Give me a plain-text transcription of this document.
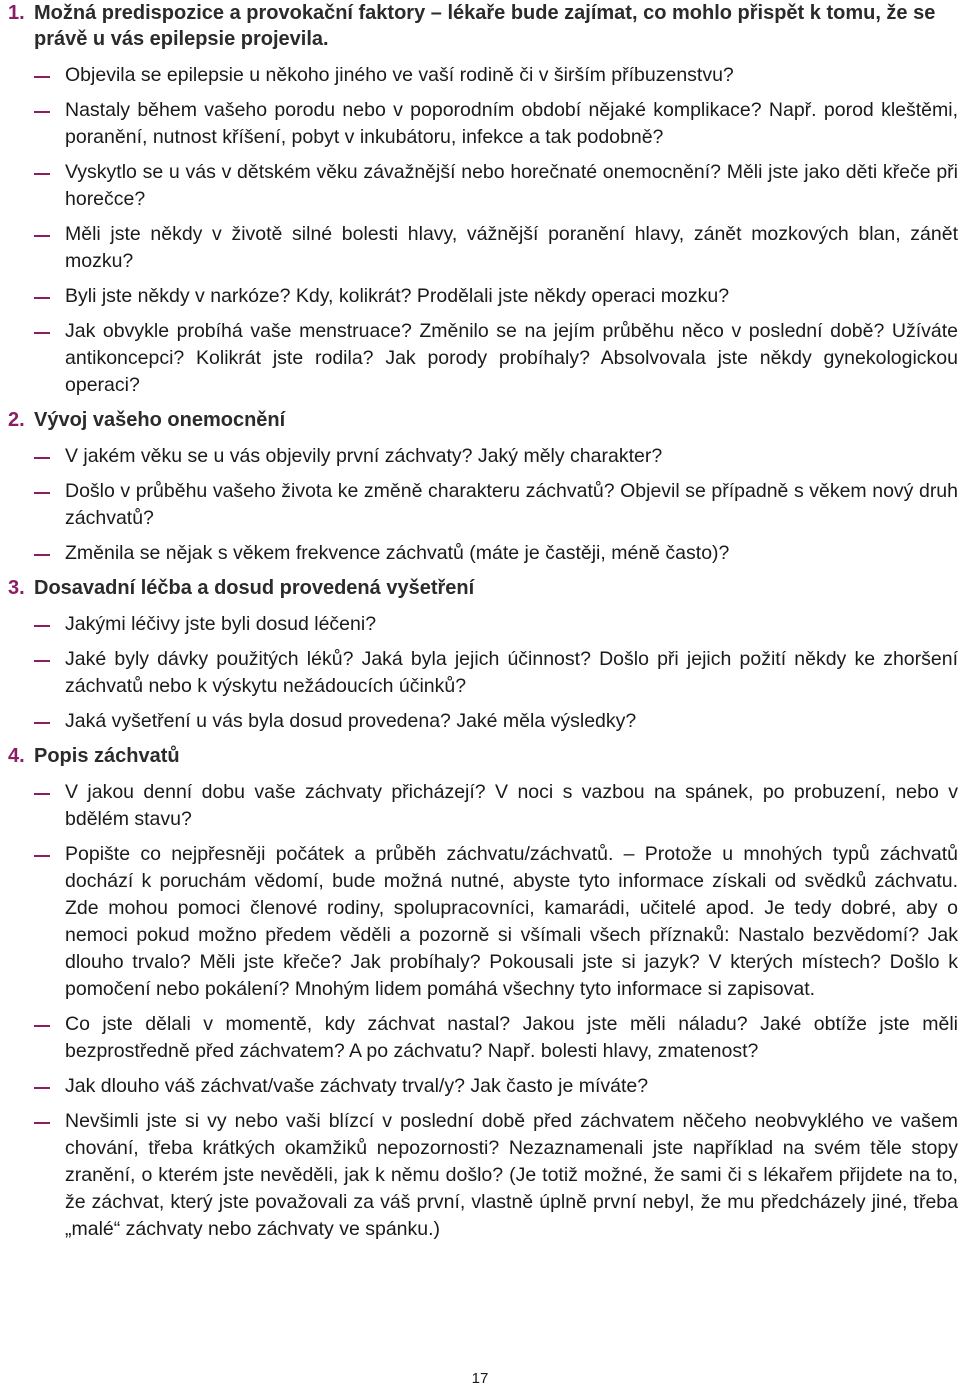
1. Možná predispozice a provokační faktory – lékaře bude zajímat, co mohlo přispět k tomu, že se právě u vás epilepsie projevila.
Objevila se epilepsie u někoho jiného ve vaší rodině či v širším příbuzenstvu?
Nastaly během vašeho porodu nebo v poporodním období nějaké komplikace? Např. porod kleštěmi, poranění, nutnost kříšení, pobyt v inkubátoru, infekce a tak podobně?
Vyskytlo se u vás v dětském věku závažnější nebo horečnaté onemocnění? Měli jste jako děti křeče při horečce?
Měli jste někdy v životě silné bolesti hlavy, vážnější poranění hlavy, zánět mozkových blan, zánět mozku?
Byli jste někdy v narkóze? Kdy, kolikrát? Prodělali jste někdy operaci mozku?
Jak obvykle probíhá vaše menstruace? Změnilo se na jejím průběhu něco v poslední době? Užíváte antikoncepci? Kolikrát jste rodila? Jak porody probíhaly? Absolvovala jste někdy gynekologickou operaci?
2. Vývoj vašeho onemocnění
V jakém věku se u vás objevily první záchvaty? Jaký měly charakter?
Došlo v průběhu vašeho života ke změně charakteru záchvatů? Objevil se případně s věkem nový druh záchvatů?
Změnila se nějak s věkem frekvence záchvatů (máte je častěji, méně často)?
3. Dosavadní léčba a dosud provedená vyšetření
Jakými léčivy jste byli dosud léčeni?
Jaké byly dávky použitých léků? Jaká byla jejich účinnost? Došlo při jejich požití někdy ke zhoršení záchvatů nebo k výskytu nežádoucích účinků?
Jaká vyšetření u vás byla dosud provedena? Jaké měla výsledky?
4. Popis záchvatů
V jakou denní dobu vaše záchvaty přicházejí? V noci s vazbou na spánek, po probuzení, nebo v bdělém stavu?
Popište co nejpřesněji počátek a průběh záchvatu/záchvatů. – Protože u mnohých typů záchvatů dochází k poruchám vědomí, bude možná nutné, abyste tyto informace získali od svědků záchvatu. Zde mohou pomoci členové rodiny, spolupracovníci, kamarádi, učitelé apod. Je tedy dobré, aby o nemoci pokud možno předem věděli a pozorně si všímali všech příznaků: Nastalo bezvědomí? Jak dlouho trvalo? Měli jste křeče? Jak probíhaly? Pokousali jste si jazyk? V kterých místech? Došlo k pomočení nebo pokálení? Mnohým lidem pomáhá všechny tyto informace si zapisovat.
Co jste dělali v momentě, kdy záchvat nastal? Jakou jste měli náladu? Jaké obtíže jste měli bezprostředně před záchvatem? A po záchvatu? Např. bolesti hlavy, zmatenost?
Jak dlouho váš záchvat/vaše záchvaty trval/y? Jak často je míváte?
Nevšimli jste si vy nebo vaši blízcí v poslední době před záchvatem něčeho neobvyklého ve vašem chování, třeba krátkých okamžiků nepozornosti? Nezaznamenali jste například na svém těle stopy zranění, o kterém jste nevěděli, jak k němu došlo? (Je totiž možné, že sami či s lékařem přijdete na to, že záchvat, který jste považovali za váš první, vlastně úplně první nebyl, že mu předcházely jiné, třeba „malé“ záchvaty nebo záchvaty ve spánku.)
17
